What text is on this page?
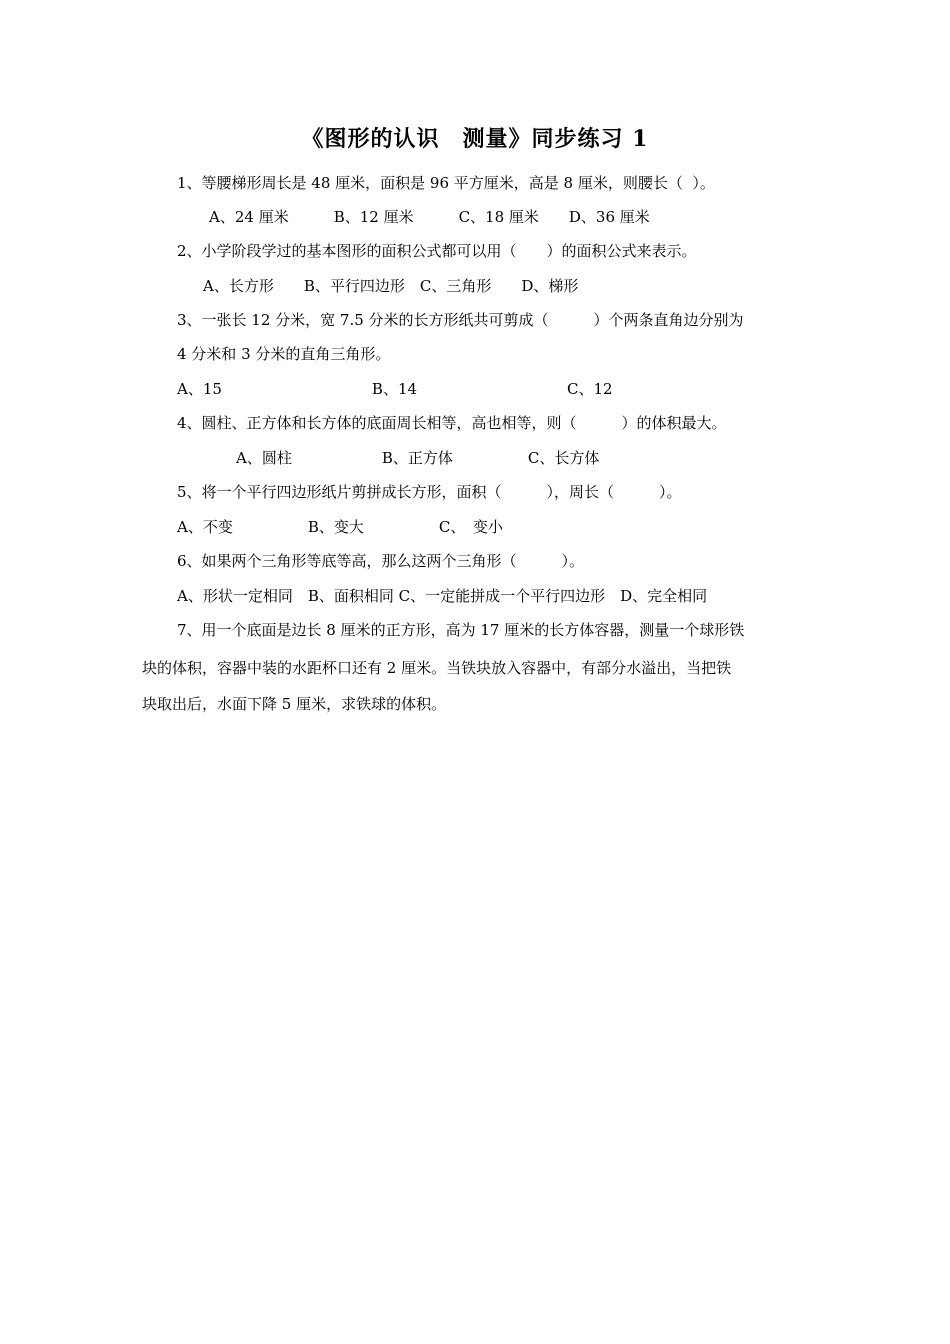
《图形的认识　测量》同步练习 1
1、等腰梯形周长是 48 厘米，面积是 96 平方厘米，高是 8 厘米，则腰长（  ）。
A、24 厘米　　　B、12 厘米　　　C、18 厘米　　D、36 厘米
2、小学阶段学过的基本图形的面积公式都可以用（　　）的面积公式来表示。
A、长方形　　B、平行四边形　C、三角形　　D、梯形
3、一张长 12 分米，宽 7.5 分米的长方形纸共可剪成（　　　）个两条直角边分别为
4 分米和 3 分米的直角三角形。
A、15　　　　　　　　　　B、14　　　　　　　　　　C、12
4、圆柱、正方体和长方体的底面周长相等，高也相等，则（　　　）的体积最大。
A、圆柱　　　　　　B、正方体　　　　　C、长方体
5、将一个平行四边形纸片剪拼成长方形，面积（　　　），周长（　　　）。
A、不变　　　　　B、变大　　　　　C、　变小
6、如果两个三角形等底等高，那么这两个三角形（　　　）。
A、形状一定相同　B、面积相同 C、一定能拼成一个平行四边形　D、完全相同
7、用一个底面是边长 8 厘米的正方形，高为 17 厘米的长方体容器，测量一个球形铁
块的体积，容器中装的水距杯口还有 2 厘米。当铁块放入容器中，有部分水溢出，当把铁
块取出后，水面下降 5 厘米，求铁球的体积。
